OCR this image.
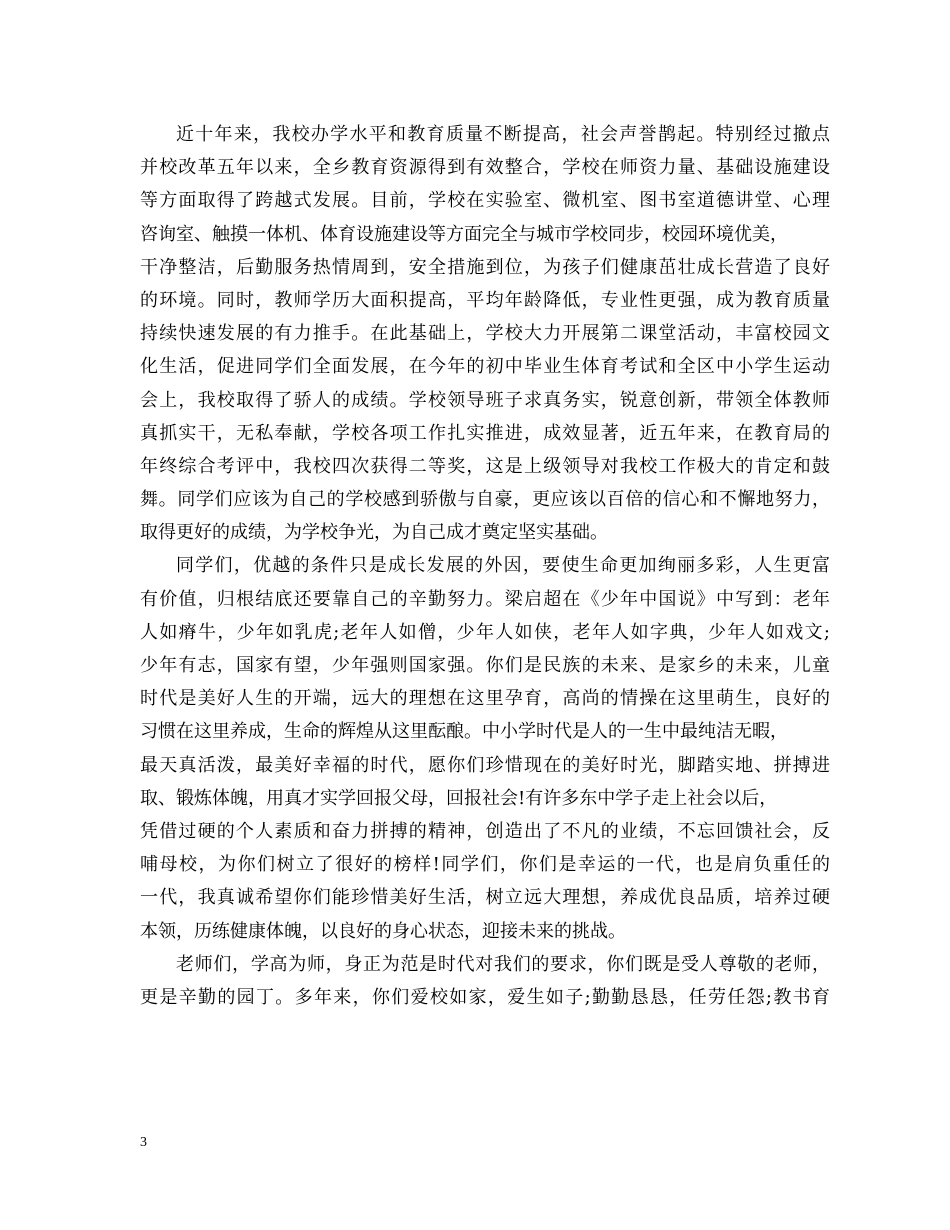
近十年来，我校办学水平和教育质量不断提高，社会声誉鹊起。特别经过撤点
并校改革五年以来，全乡教育资源得到有效整合，学校在师资力量、基础设施建设
等方面取得了跨越式发展。目前，学校在实验室、微机室、图书室道德讲堂、心理
咨询室、触摸一体机、体育设施建设等方面完全与城市学校同步，校园环境优美，
干净整洁，后勤服务热情周到，安全措施到位，为孩子们健康茁壮成长营造了良好
的环境。同时，教师学历大面积提高，平均年龄降低，专业性更强，成为教育质量
持续快速发展的有力推手。在此基础上，学校大力开展第二课堂活动，丰富校园文
化生活，促进同学们全面发展，在今年的初中毕业生体育考试和全区中小学生运动
会上，我校取得了骄人的成绩。学校领导班子求真务实，锐意创新，带领全体教师
真抓实干，无私奉献，学校各项工作扎实推进，成效显著，近五年来，在教育局的
年终综合考评中，我校四次获得二等奖，这是上级领导对我校工作极大的肯定和鼓
舞。同学们应该为自己的学校感到骄傲与自豪，更应该以百倍的信心和不懈地努力，
取得更好的成绩，为学校争光，为自己成才奠定坚实基础。
同学们，优越的条件只是成长发展的外因，要使生命更加绚丽多彩，人生更富
有价值，归根结底还要靠自己的辛勤努力。梁启超在《少年中国说》中写到：老年
人如瘠牛，少年如乳虎;老年人如僧，少年人如侠，老年人如字典，少年人如戏文;
少年有志，国家有望，少年强则国家强。你们是民族的未来、是家乡的未来，儿童
时代是美好人生的开端，远大的理想在这里孕育，高尚的情操在这里萌生，良好的
习惯在这里养成，生命的辉煌从这里酝酿。中小学时代是人的一生中最纯洁无暇，
最天真活泼，最美好幸福的时代，愿你们珍惜现在的美好时光，脚踏实地、拼搏进
取、锻炼体魄，用真才实学回报父母，回报社会!有许多东中学子走上社会以后，
凭借过硬的个人素质和奋力拼搏的精神，创造出了不凡的业绩，不忘回馈社会，反
哺母校，为你们树立了很好的榜样!同学们，你们是幸运的一代，也是肩负重任的
一代，我真诚希望你们能珍惜美好生活，树立远大理想，养成优良品质，培养过硬
本领，历练健康体魄，以良好的身心状态，迎接未来的挑战。
老师们，学高为师，身正为范是时代对我们的要求，你们既是受人尊敬的老师，
更是辛勤的园丁。多年来，你们爱校如家，爱生如子;勤勤恳恳，任劳任怨;教书育
3
